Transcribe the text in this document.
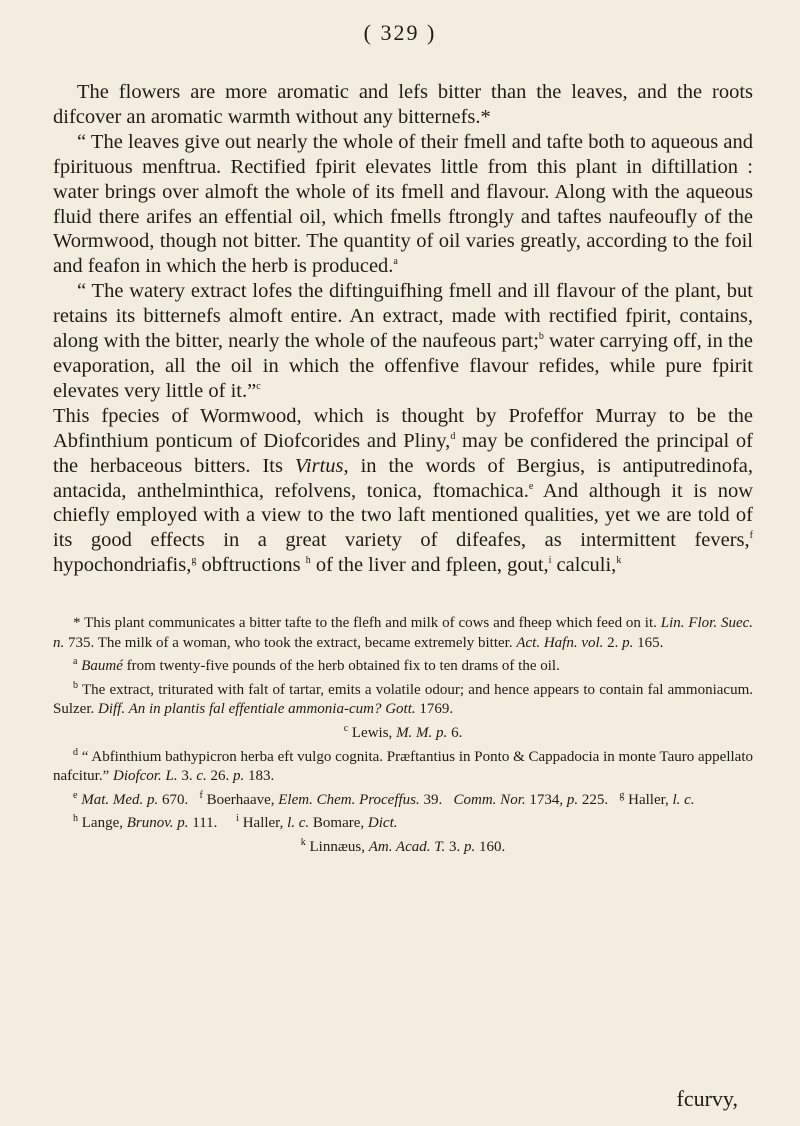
( 329 )

The flowers are more aromatic and lefs bitter than the leaves, and the roots difcover an aromatic warmth without any bitternefs.*

“ The leaves give out nearly the whole of their fmell and tafte both to aqueous and fpirituous menftrua. Rectified fpirit elevates little from this plant in diftillation : water brings over almoft the whole of its fmell and flavour. Along with the aqueous fluid there arifes an effential oil, which fmells ftrongly and taftes naufeoufly of the Wormwood, though not bitter. The quantity of oil varies greatly, according to the foil and feafon in which the herb is produced.$^a$

“ The watery extract lofes the diftinguifhing fmell and ill flavour of the plant, but retains its bitternefs almoft entire. An extract, made with rectified fpirit, contains, along with the bitter, nearly the whole of the naufeous part;$^b$ water carrying off, in the evaporation, all the oil in which the offenfive flavour refides, while pure fpirit elevates very little of it.”$^c$

This fpecies of Wormwood, which is thought by Profeffor Murray to be the Abfinthium ponticum of Diofcorides and Pliny,$^d$ may be confidered the principal of the herbaceous bitters. Its Virtus, in the words of Bergius, is antiputredinofa, antacida, anthelminthica, refolvens, tonica, ftomachica.$^e$ And although it is now chiefly employed with a view to the two laft mentioned qualities, yet we are told of its good effects in a great variety of difeafes, as intermittent fevers,$^f$ hypochondriafis,$^g$ obftructions $^h$ of the liver and fpleen, gout,$^i$ calculi,$^k$

* This plant communicates a bitter tafte to the flefh and milk of cows and fheep which feed on it. Lin. Flor. Suec. n. 735. The milk of a woman, who took the extract, became extremely bitter. Act. Hafn. vol. 2. p. 165.

$^a$ Baumé from twenty-five pounds of the herb obtained fix to ten drams of the oil.

$^b$ The extract, triturated with falt of tartar, emits a volatile odour; and hence appears to contain fal ammoniacum. Sulzer. Diff. An in plantis fal effentiale ammonia-cum? Gott. 1769.

$^c$ Lewis, M. M. p. 6.

$^d$ “ Abfinthium bathypicron herba eft vulgo cognita. Præftantius in Ponto & Cappadocia in monte Tauro appellato nafcitur.” Diofcor. L. 3. c. 26. p. 183.

$^e$ Mat. Med. p. 670. $^f$ Boerhaave, Elem. Chem. Proceffus. 39. Comm. Nor. 1734, p. 225. $^g$ Haller, l. c.

$^h$ Lange, Brunov. p. 111. $^i$ Haller, l. c. Bomare, Dict.

$^k$ Linnæus, Am. Acad. T. 3. p. 160.

fcurvy,
